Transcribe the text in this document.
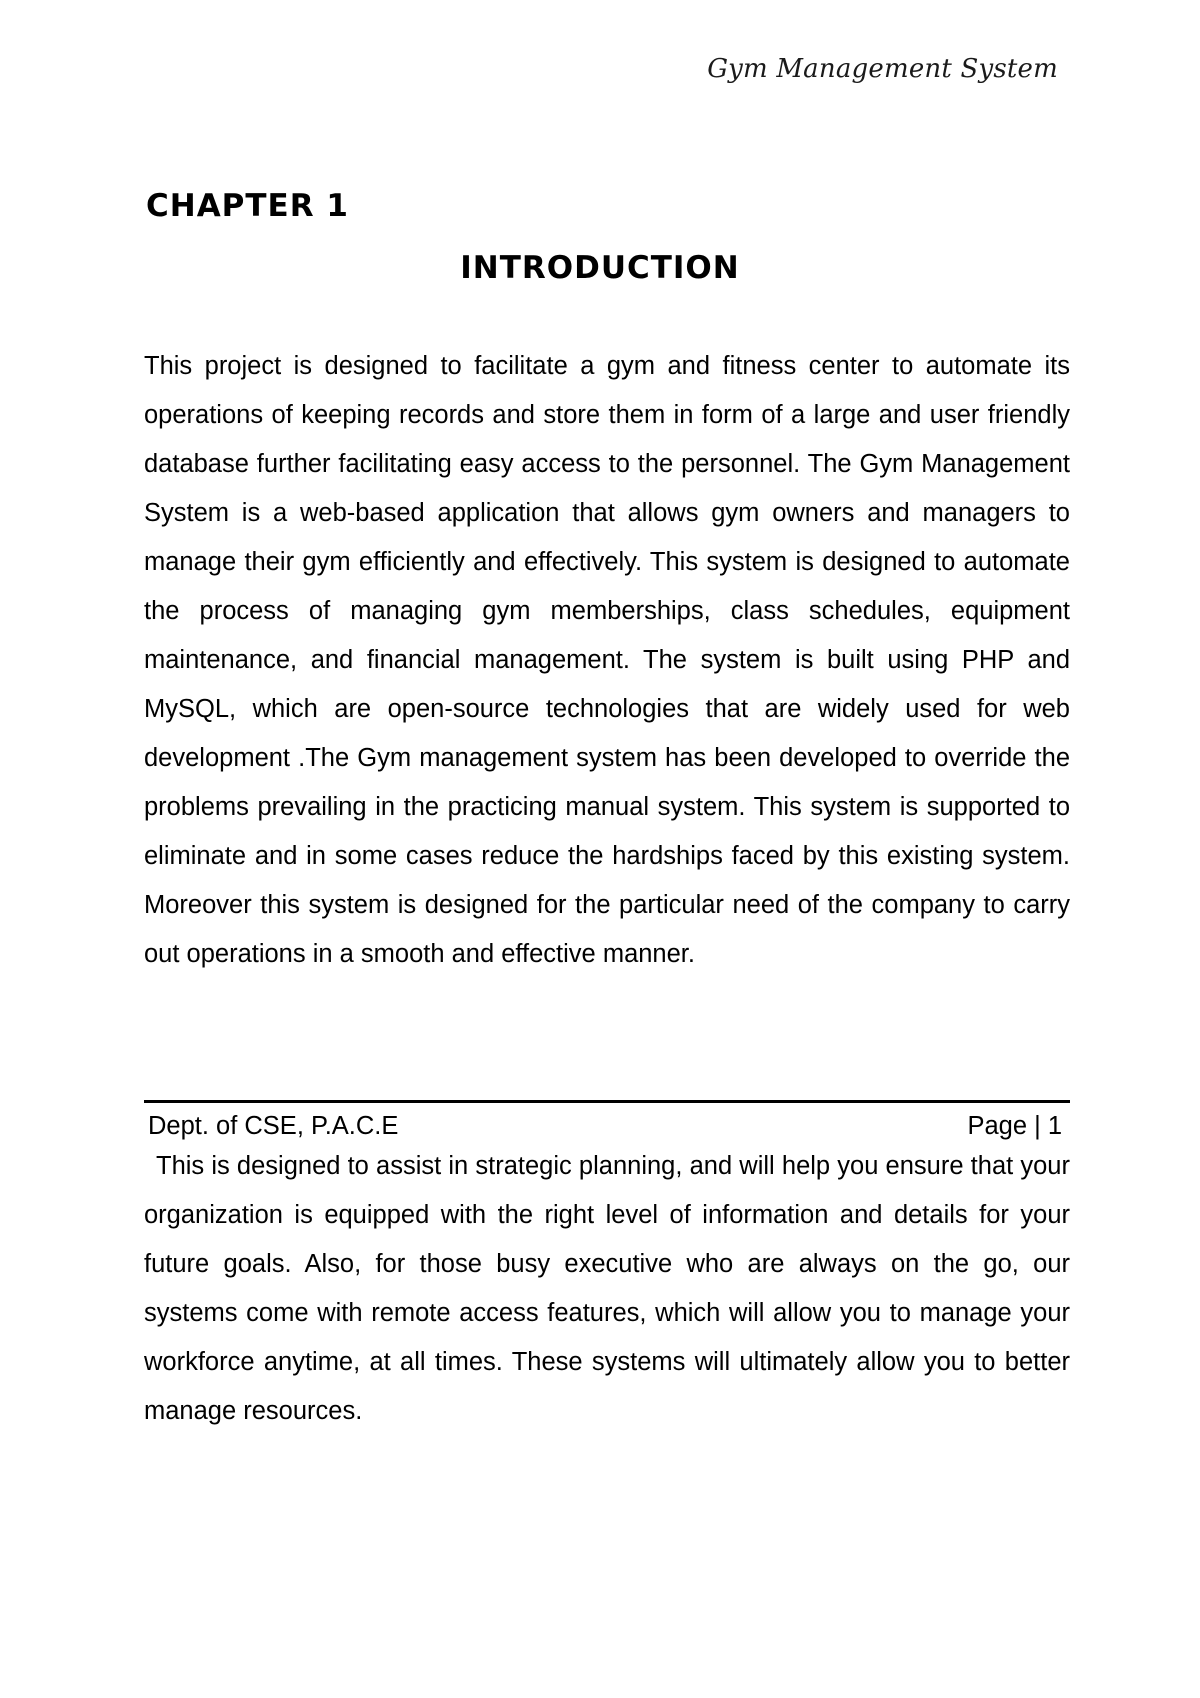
Gym Management System
CHAPTER 1
INTRODUCTION

This project is designed to facilitate a gym and fitness center to automate its operations of keeping records and store them in form of a large and user friendly database further facilitating easy access to the personnel. The Gym Management System is a web-based application that allows gym owners and managers to manage their gym efficiently and effectively. This system is designed to automate the process of managing gym memberships, class schedules, equipment maintenance, and financial management. The system is built using PHP and MySQL, which are open-source technologies that are widely used for web development .The Gym management system has been developed to override the problems prevailing in the practicing manual system. This system is supported to eliminate and in some cases reduce the hardships faced by this existing system. Moreover this system is designed for the particular need of the company to carry out operations in a smooth and effective manner.

Dept. of CSE, P.A.C.E	Page | 1

This is designed to assist in strategic planning, and will help you ensure that your organization is equipped with the right level of information and details for your future goals. Also, for those busy executive who are always on the go, our systems come with remote access features, which will allow you to manage your workforce anytime, at all times. These systems will ultimately allow you to better manage resources.
